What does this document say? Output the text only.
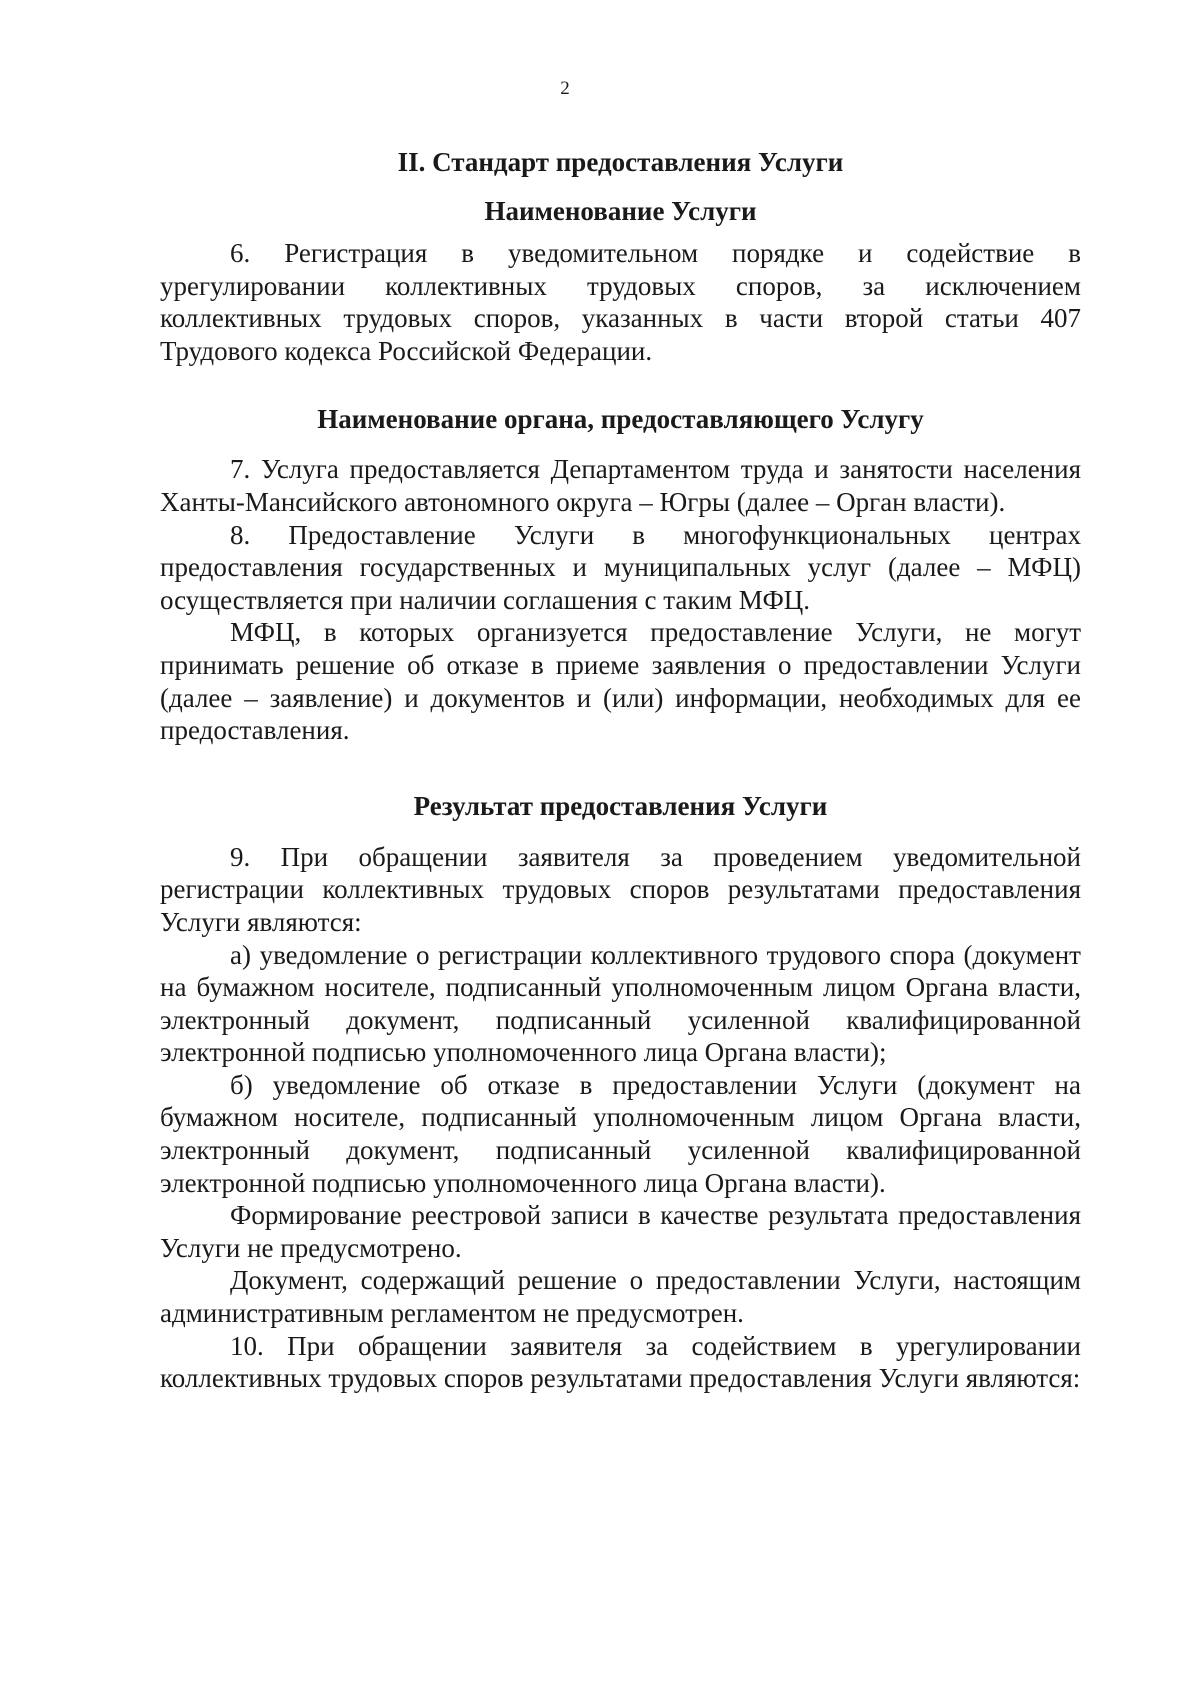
2
II. Стандарт предоставления Услуги
Наименование Услуги

6. Регистрация в уведомительном порядке и содействие в урегулировании коллективных трудовых споров, за исключением коллективных трудовых споров, указанных в части второй статьи 407 Трудового кодекса Российской Федерации.

Наименование органа, предоставляющего Услугу

7. Услуга предоставляется Департаментом труда и занятости населения Ханты-Мансийского автономного округа – Югры (далее – Орган власти).

8. Предоставление Услуги в многофункциональных центрах предоставления государственных и муниципальных услуг (далее – МФЦ) осуществляется при наличии соглашения с таким МФЦ.

МФЦ, в которых организуется предоставление Услуги, не могут принимать решение об отказе в приеме заявления о предоставлении Услуги (далее – заявление) и документов и (или) информации, необходимых для ее предоставления.

Результат предоставления Услуги

9. При обращении заявителя за проведением уведомительной регистрации коллективных трудовых споров результатами предоставления Услуги являются:

а) уведомление о регистрации коллективного трудового спора (документ на бумажном носителе, подписанный уполномоченным лицом Органа власти, электронный документ, подписанный усиленной квалифицированной электронной подписью уполномоченного лица Органа власти);

б) уведомление об отказе в предоставлении Услуги (документ на бумажном носителе, подписанный уполномоченным лицом Органа власти, электронный документ, подписанный усиленной квалифицированной электронной подписью уполномоченного лица Органа власти).

Формирование реестровой записи в качестве результата предоставления Услуги не предусмотрено.

Документ, содержащий решение о предоставлении Услуги, настоящим административным регламентом не предусмотрен.

10. При обращении заявителя за содействием в урегулировании коллективных трудовых споров результатами предоставления Услуги являются:
